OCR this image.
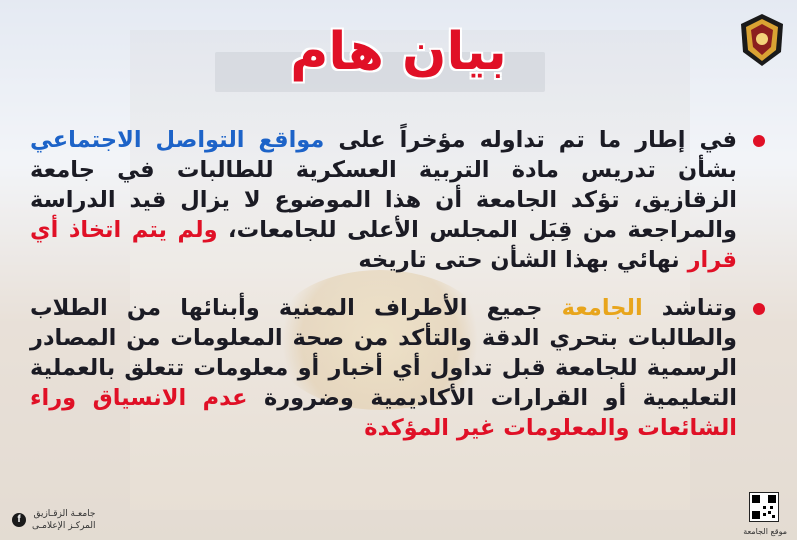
بيان هام

في إطار ما تم تداوله مؤخراً على مواقع التواصل الاجتماعي بشأن تدريس مادة التربية العسكرية للطالبات في جامعة الزقازيق، تؤكد الجامعة أن هذا الموضوع لا يزال قيد الدراسة والمراجعة من قِبَل المجلس الأعلى للجامعات، ولم يتم اتخاذ أي قرار نهائي بهذا الشأن حتى تاريخه

وتناشد الجامعة جميع الأطراف المعنية وأبنائها من الطلاب والطالبات بتحري الدقة والتأكد من صحة المعلومات من المصادر الرسمية للجامعة قبل تداول أي أخبار أو معلومات تتعلق بالعملية التعليمية أو القرارات الأكاديمية وضرورة عدم الانسياق وراء الشائعات والمعلومات غير المؤكدة

جامعـة الزقـازيق
المركـز الإعلامـى
f
موقع الجامعة
